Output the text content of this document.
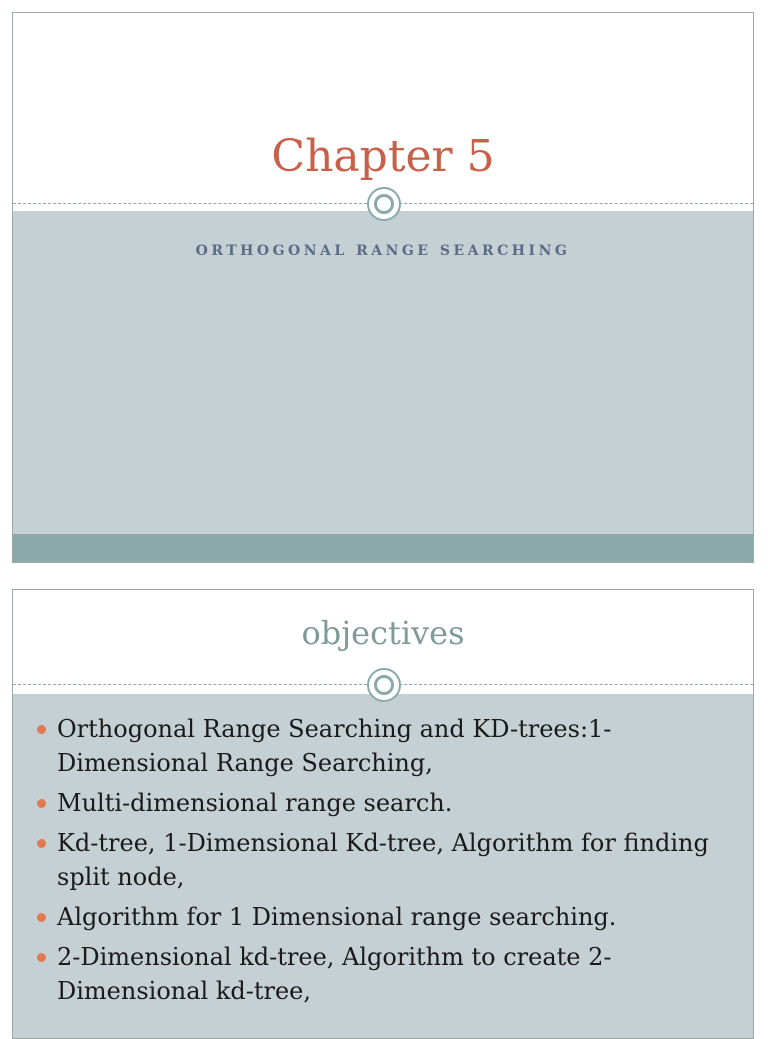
Chapter 5
ORTHOGONAL RANGE SEARCHING
objectives
Orthogonal Range Searching and KD-trees:1-Dimensional Range Searching,
Multi-dimensional range search.
Kd-tree, 1-Dimensional Kd-tree, Algorithm for finding split node,
Algorithm for 1 Dimensional range searching.
2-Dimensional kd-tree, Algorithm to create 2-Dimensional kd-tree,
